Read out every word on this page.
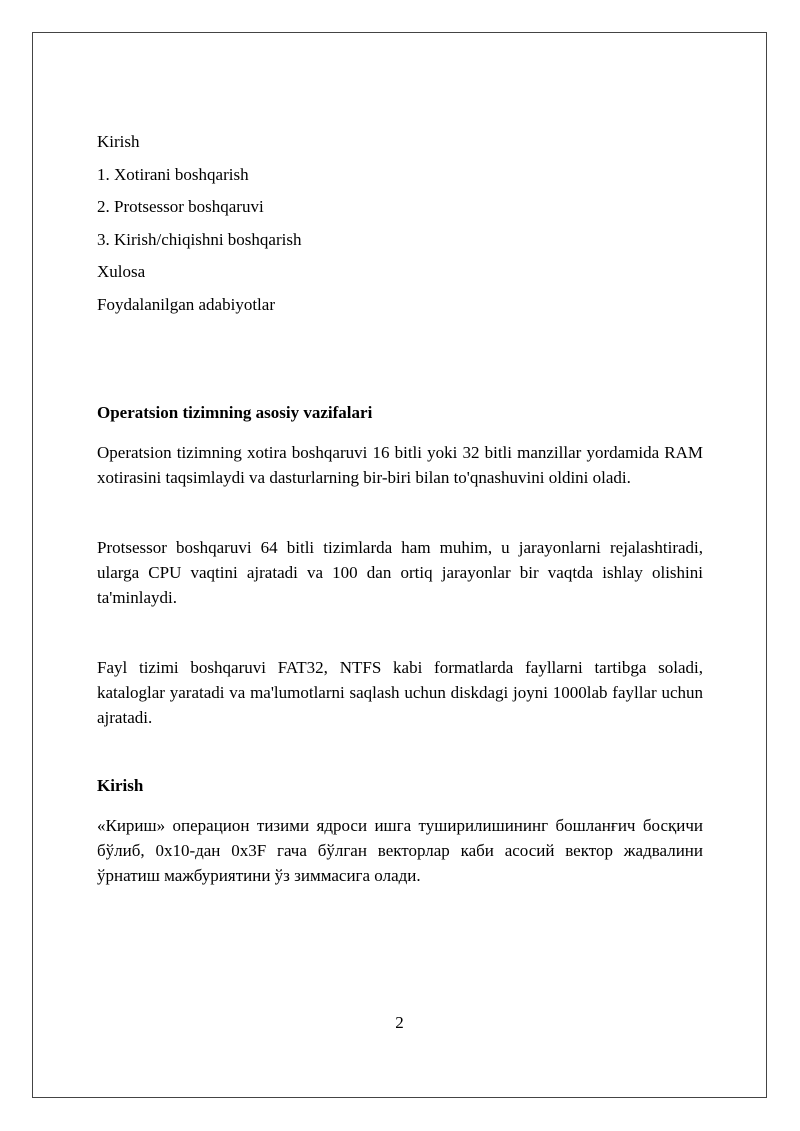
Kirish

1. Xotirani boshqarish

2. Protsessor boshqaruvi

3. Kirish/chiqishni boshqarish

Xulosa

Foydalanilgan adabiyotlar

Operatsion tizimning asosiy vazifalari

Operatsion tizimning xotira boshqaruvi 16 bitli yoki 32 bitli manzillar yordamida RAM xotirasini taqsimlaydi va dasturlarning bir-biri bilan to'qnashuvini oldini oladi.

Protsessor boshqaruvi 64 bitli tizimlarda ham muhim, u jarayonlarni rejalashtiradi, ularga CPU vaqtini ajratadi va 100 dan ortiq jarayonlar bir vaqtda ishlay olishini ta'minlaydi.

Fayl tizimi boshqaruvi FAT32, NTFS kabi formatlarda fayllarni tartibga soladi, kataloglar yaratadi va ma'lumotlarni saqlash uchun diskdagi joyni 1000lab fayllar uchun ajratadi.

Kirish

«Кириш» операцион тизими ядроси ишга туширилишининг бошланғич босқичи бўлиб, 0x10-дан 0x3F гача бўлган векторлар каби асосий вектор жадвалини ўрнатиш мажбуриятини ўз зиммасига олади.

2
